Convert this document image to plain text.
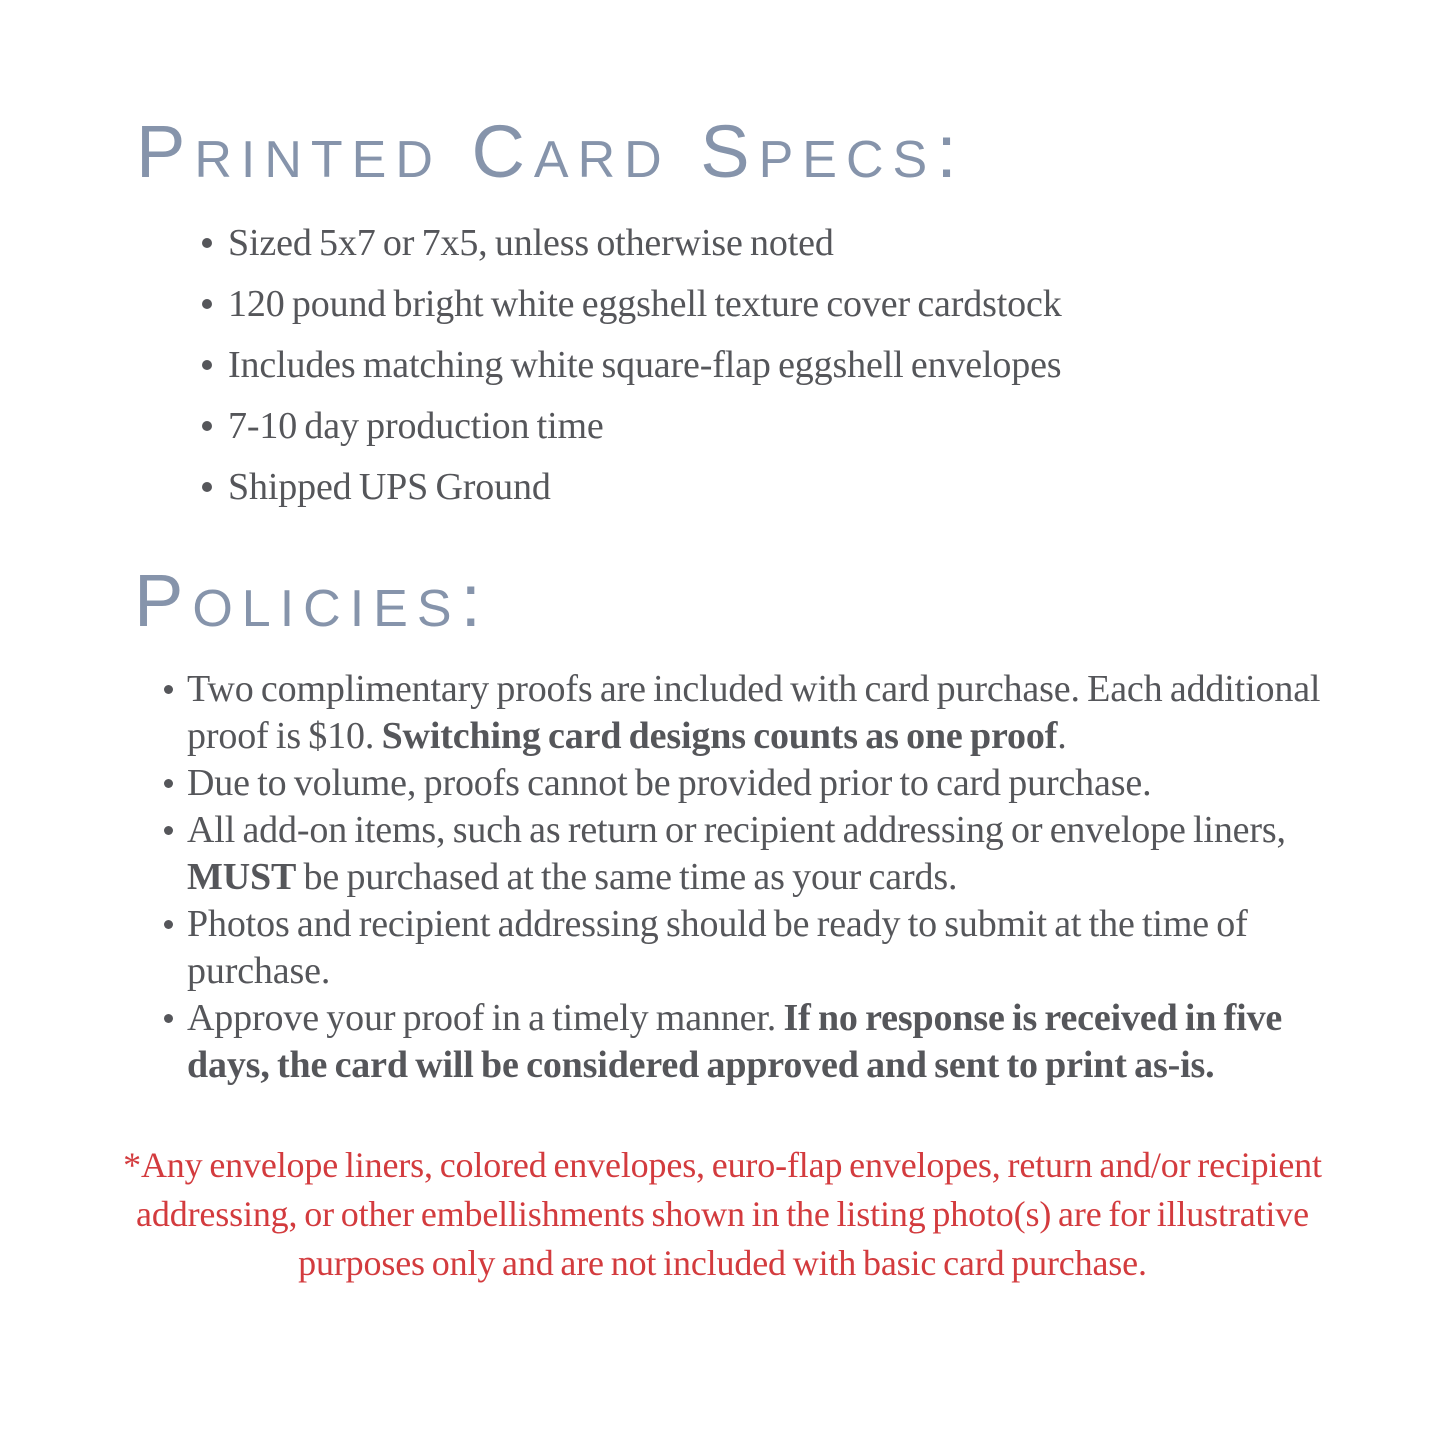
Printed Card Specs:
Sized 5x7 or 7x5, unless otherwise noted
120 pound bright white eggshell texture cover cardstock
Includes matching white square-flap eggshell envelopes
7-10 day production time
Shipped UPS Ground
Policies:
Two complimentary proofs are included with card purchase. Each additional proof is $10. Switching card designs counts as one proof.
Due to volume, proofs cannot be provided prior to card purchase.
All add-on items, such as return or recipient addressing or envelope liners, MUST be purchased at the same time as your cards.
Photos and recipient addressing should be ready to submit at the time of purchase.
Approve your proof in a timely manner. If no response is received in five days, the card will be considered approved and sent to print as-is.

*Any envelope liners, colored envelopes, euro-flap envelopes, return and/or recipient addressing, or other embellishments shown in the listing photo(s) are for illustrative purposes only and are not included with basic card purchase.
